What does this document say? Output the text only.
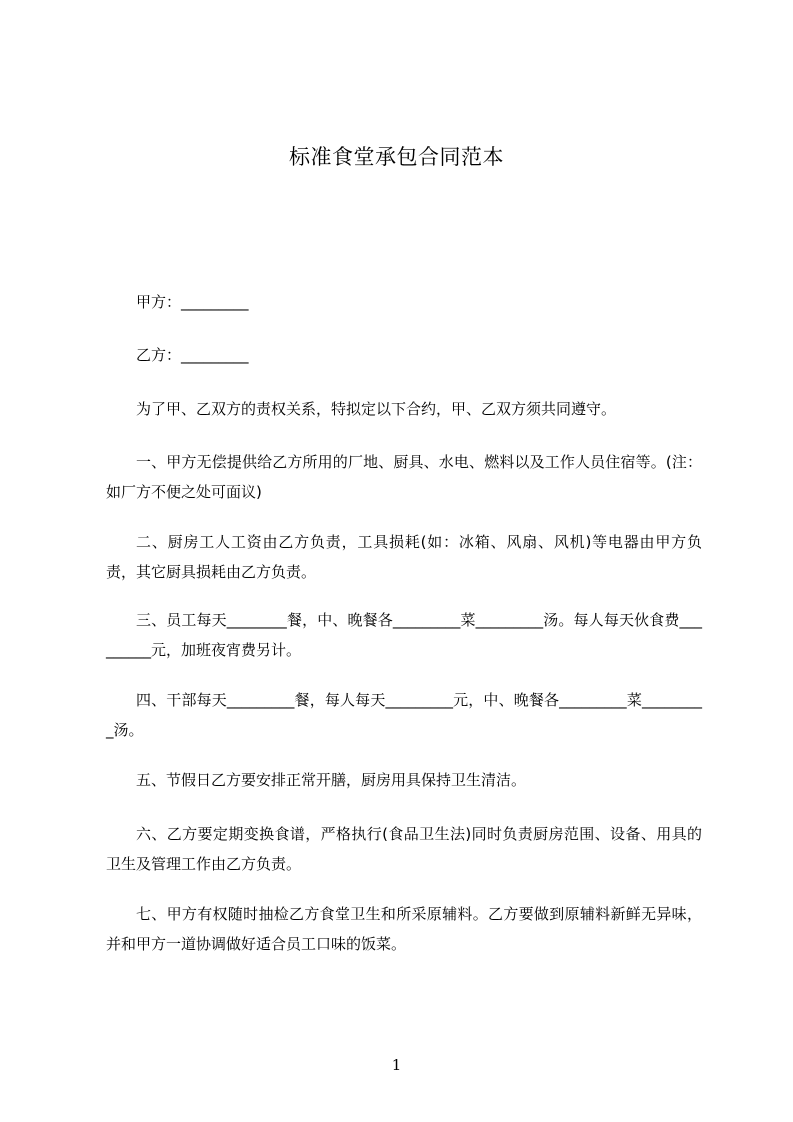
标准食堂承包合同范本
甲方：_________
乙方：_________
为了甲、乙双方的责权关系，特拟定以下合约，甲、乙双方须共同遵守。
一、甲方无偿提供给乙方所用的厂地、厨具、水电、燃料以及工作人员住宿等。(注：如厂方不便之处可面议)
二、厨房工人工资由乙方负责，工具损耗(如：冰箱、风扇、风机)等电器由甲方负责，其它厨具损耗由乙方负责。
三、员工每天________餐，中、晚餐各_________菜_________汤。每人每天伙食费_________元，加班夜宵费另计。
四、干部每天_________餐，每人每天_________元，中、晚餐各_________菜_________汤。
五、节假日乙方要安排正常开膳，厨房用具保持卫生清洁。
六、乙方要定期变换食谱，严格执行(食品卫生法)同时负责厨房范围、设备、用具的卫生及管理工作由乙方负责。
七、甲方有权随时抽检乙方食堂卫生和所采原辅料。乙方要做到原辅料新鲜无异味，并和甲方一道协调做好适合员工口味的饭菜。
1
